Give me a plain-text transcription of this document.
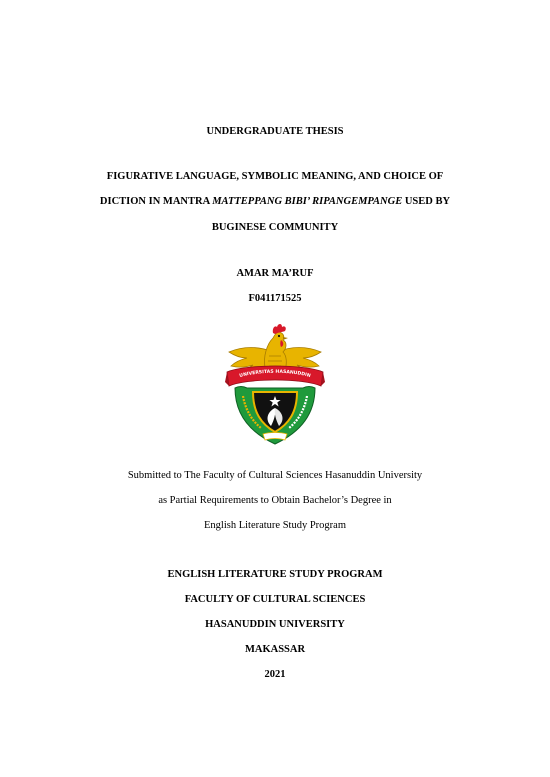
UNDERGRADUATE THESIS
FIGURATIVE LANGUAGE, SYMBOLIC MEANING, AND CHOICE OF
DICTION IN MANTRA MATTEPPANG BIBI’ RIPANGEMPANGE USED BY
BUGINESE COMMUNITY
AMAR MA’RUF
F041171525
UNIVERSITAS HASANUDDIN
Submitted to The Faculty of Cultural Sciences Hasanuddin University
as Partial Requirements to Obtain Bachelor’s Degree in
English Literature Study Program
ENGLISH LITERATURE STUDY PROGRAM
FACULTY OF CULTURAL SCIENCES
HASANUDDIN UNIVERSITY
MAKASSAR
2021
